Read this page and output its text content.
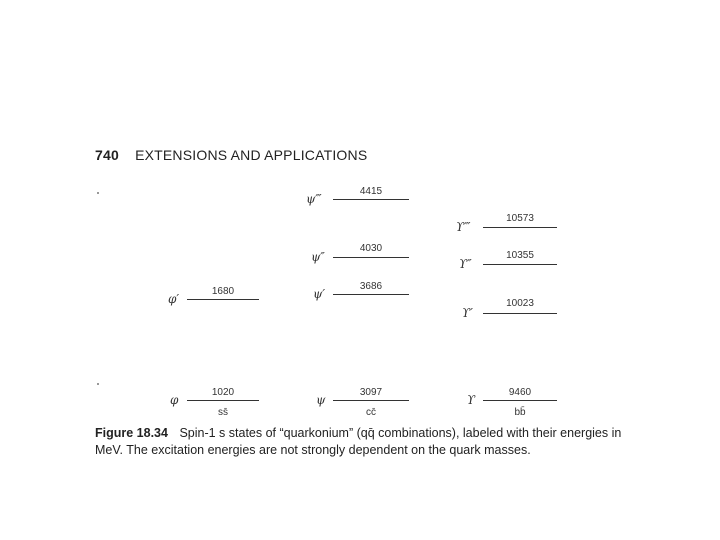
740 EXTENSIONS AND APPLICATIONS
1020
φ
1680
φ′
ss̄
3097
ψ
3686
ψ′
4030
ψ″
4415
ψ‴
cc̄
9460
ϒ
10023
ϒ′
10355
ϒ″
10573
ϒ‴
bb̄
Figure 18.34 Spin-1 s states of “quarkonium” (qq̄ combinations), labeled with their energies in MeV. The excitation energies are not strongly dependent on the quark masses.
